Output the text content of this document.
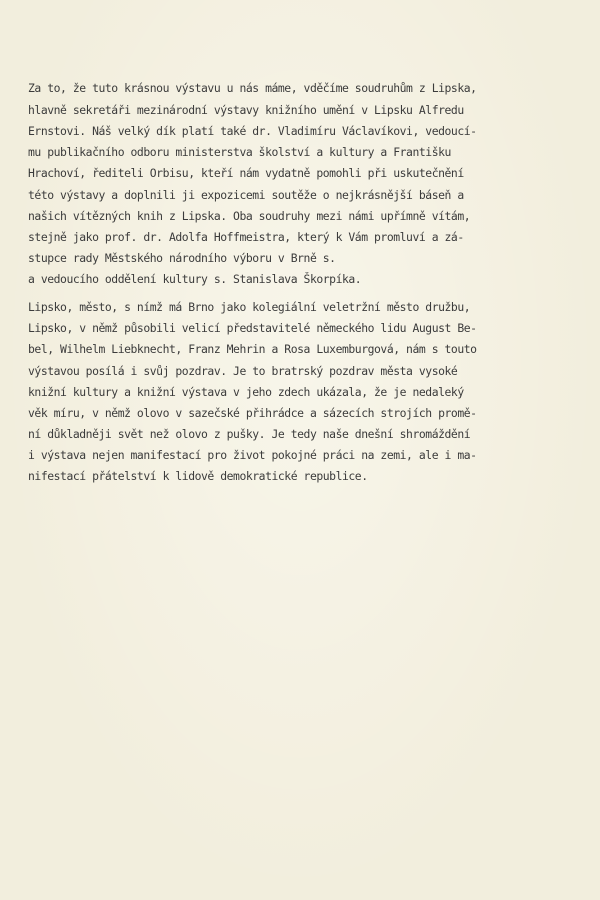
Za to, že tuto krásnou výstavu u nás máme, vděčíme soudruhům z Lipska,
hlavně sekretáři mezinárodní výstavy knižního umění v Lipsku Alfredu
Ernstovi. Náš velký dík platí také dr. Vladimíru Václavíkovi, vedoucí-
mu publikačního odboru ministerstva školství a kultury a Františku
Hrachoví, řediteli Orbisu, kteří nám vydatně pomohli při uskutečnění
této výstavy a doplnili ji expozicemi soutěže o nejkrásnější báseň a
našich vítězných knih z Lipska. Oba soudruhy mezi námi upřímně vítám,
stejně jako prof. dr. Adolfa Hoffmeistra, který k Vám promluví a zá-
stupce rady Městského národního výboru v Brně s.
a vedoucího oddělení kultury s. Stanislava Škorpíka.
Lipsko, město, s nímž má Brno jako kolegiální veletržní město družbu,
Lipsko, v němž působili velicí představitelé německého lidu August Be-
bel, Wilhelm Liebknecht, Franz Mehrin a Rosa Luxemburgová, nám s touto
výstavou posílá i svůj pozdrav. Je to bratrský pozdrav města vysoké
knižní kultury a knižní výstava v jeho zdech ukázala, že je nedaleký
věk míru, v němž olovo v sazečské přihrádce a sázecích strojích promě-
ní důkladněji svět než olovo z pušky. Je tedy naše dnešní shromáždění
i výstava nejen manifestací pro život pokojné práci na zemi, ale i ma-
nifestací přátelství k lidově demokratické republice.
